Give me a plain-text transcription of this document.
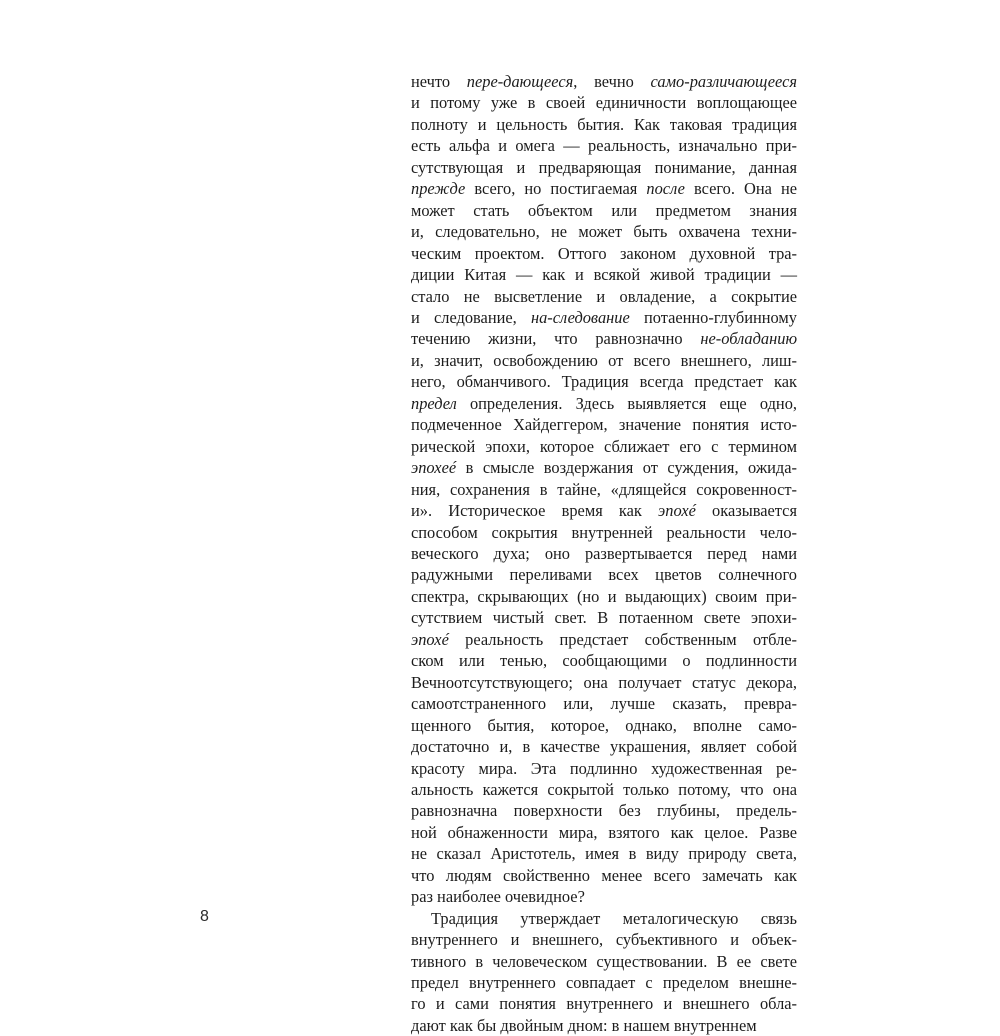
нечто пере-дающееся, вечно само-различающееся
и потому уже в своей единичности воплощающее
полноту и цельность бытия. Как таковая традиция
есть альфа и омега — реальность, изначально при-
сутствующая и предваряющая понимание, данная
прежде всего, но постигаемая после всего. Она не
может стать объектом или предметом знания
и, следовательно, не может быть охвачена техни-
ческим проектом. Оттого законом духовной тра-
диции Китая — как и всякой живой традиции —
стало не высветление и овладение, а сокрытие
и следование, на-следование потаенно-глубинному
течению жизни, что равнозначно не-обладанию
и, значит, освобождению от всего внешнего, лиш-
него, обманчивого. Традиция всегда предстает как
предел определения. Здесь выявляется еще одно,
подмеченное Хайдеггером, значение понятия исто-
рической эпохи, которое сближает его с термином
эпохеé в смысле воздержания от суждения, ожида-
ния, сохранения в тайне, «длящейся сокровенност-
и». Историческое время как эпохé оказывается
способом сокрытия внутренней реальности чело-
веческого духа; оно развертывается перед нами
радужными переливами всех цветов солнечного
спектра, скрывающих (но и выдающих) своим при-
сутствием чистый свет. В потаенном свете эпохи-
эпохé реальность предстает собственным отбле-
ском или тенью, сообщающими о подлинности
Вечноотсутствующего; она получает статус декора,
самоотстраненного или, лучше сказать, превра-
щенного бытия, которое, однако, вполне само-
достаточно и, в качестве украшения, являет собой
красоту мира. Эта подлинно художественная ре-
альность кажется сокрытой только потому, что она
равнозначна поверхности без глубины, предель-
ной обнаженности мира, взятого как целое. Разве
не сказал Аристотель, имея в виду природу света,
что людям свойственно менее всего замечать как
раз наиболее очевидное?
Традиция утверждает металогическую связь
внутреннего и внешнего, субъективного и объек-
тивного в человеческом существовании. В ее свете
предел внутреннего совпадает с пределом внешне-
го и сами понятия внутреннего и внешнего обла-
дают как бы двойным дном: в нашем внутреннем
8
